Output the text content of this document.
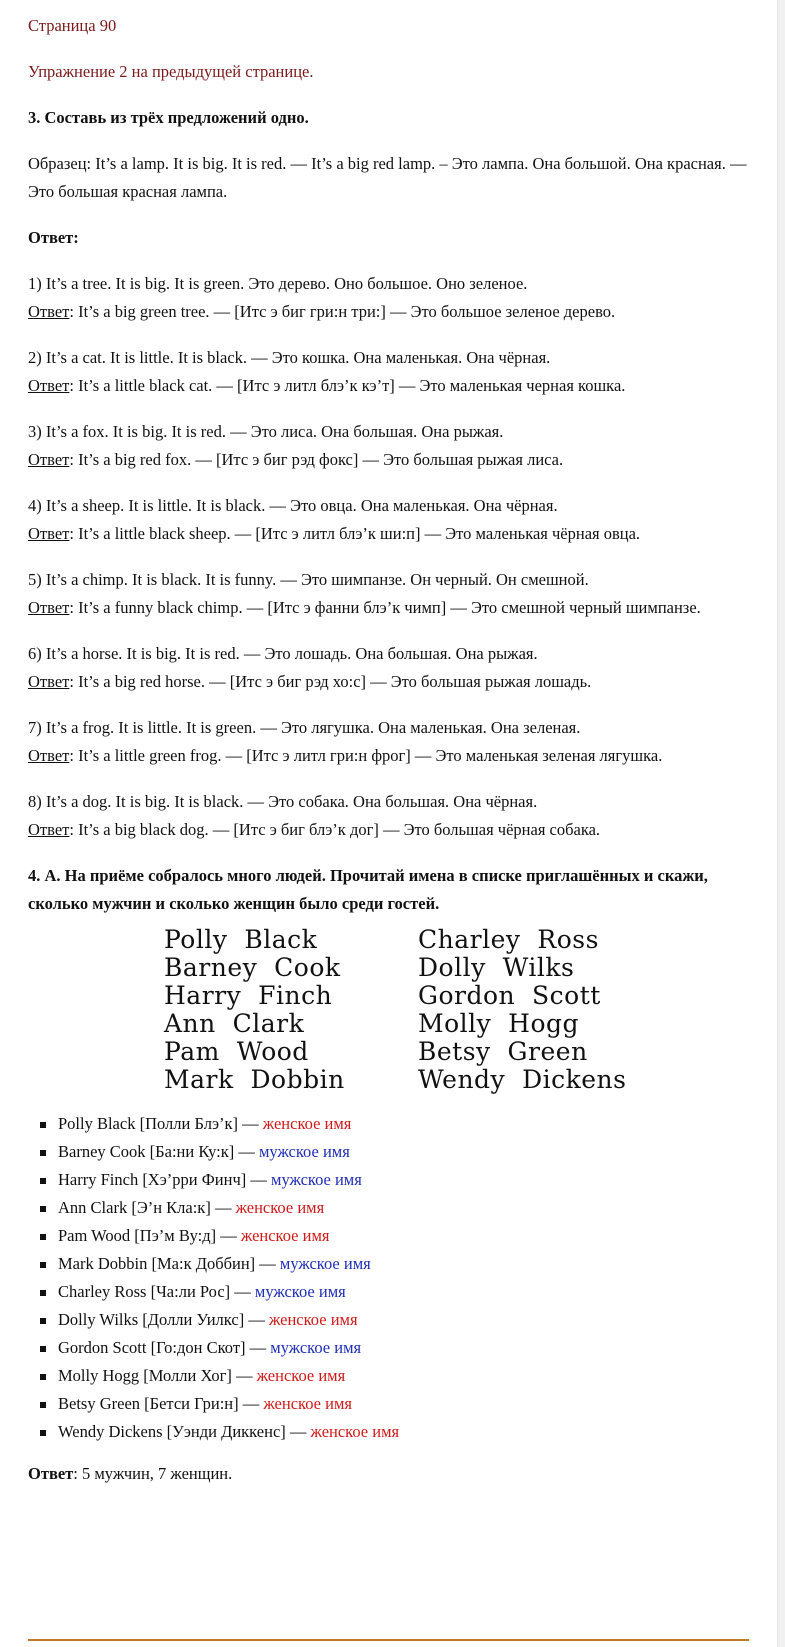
Страница 90

Упражнение 2 на предыдущей странице.

3. Составь из трёх предложений одно.

Образец: It’s a lamp. It is big. It is red. — It’s a big red lamp. – Это лампа. Она большой. Она красная. — Это большая красная лампа.

Ответ:

1) It’s a tree. It is big. It is green. Это дерево. Оно большое. Оно зеленое.
Ответ: It’s a big green tree. — [Итс э биг гри:н три:] — Это большое зеленое дерево.

2) It’s a cat. It is little. It is black. — Это кошка. Она маленькая. Она чёрная.
Ответ: It’s a little black cat. — [Итс э литл блэ’к кэ’т] — Это маленькая черная кошка.

3) It’s a fox. It is big. It is red. — Это лиса. Она большая. Она рыжая.
Ответ: It’s a big red fox. — [Итс э биг рэд фокс] — Это большая рыжая лиса.

4) It’s a sheep. It is little. It is black. — Это овца. Она маленькая. Она чёрная.
Ответ: It’s a little black sheep. — [Итс э литл блэ’к ши:п] — Это маленькая чёрная овца.

5) It’s a chimp. It is black. It is funny. — Это шимпанзе. Он черный. Он смешной.
Ответ: It’s a funny black chimp. — [Итс э фанни блэ’к чимп] — Это смешной черный шимпанзе.

6) It’s a horse. It is big. It is red. — Это лошадь. Она большая. Она рыжая.
Ответ: It’s a big red horse. — [Итс э биг рэд хо:с] — Это большая рыжая лошадь.

7) It’s a frog. It is little. It is green. — Это лягушка. Она маленькая. Она зеленая.
Ответ: It’s a little green frog. — [Итс э литл гри:н фрог] — Это маленькая зеленая лягушка.

8) It’s a dog. It is big. It is black. — Это собака. Она большая. Она чёрная.
Ответ: It’s a big black dog. — [Итс э биг блэ’к дог] — Это большая чёрная собака.

4. А. На приёме собралось много людей. Прочитай имена в списке приглашённых и скажи, сколько мужчин и сколько женщин было среди гостей.

Polly  Black
Barney  Cook
Harry  Finch
Ann  Clark
Pam  Wood
Mark  Dobbin
Charley  Ross
Dolly  Wilks
Gordon  Scott
Molly  Hogg
Betsy  Green
Wendy  Dickens
Polly Black [Полли Блэ’к] — женское имя
Barney Cook [Ба:ни Ку:к] — мужское имя
Harry Finch [Хэ’рри Финч] — мужское имя
Ann Clark [Э’н Кла:к] — женское имя
Pam Wood [Пэ’м Ву:д] — женское имя
Mark Dobbin [Ма:к Доббин] — мужское имя
Charley Ross [Ча:ли Рос] — мужское имя
Dolly Wilks [Долли Уилкс] — женское имя
Gordon Scott [Го:дон Скот] — мужское имя
Molly Hogg [Молли Хог] — женское имя
Betsy Green [Бетси Гри:н] — женское имя
Wendy Dickens [Уэнди Диккенс] — женское имя

Ответ: 5 мужчин, 7 женщин.
